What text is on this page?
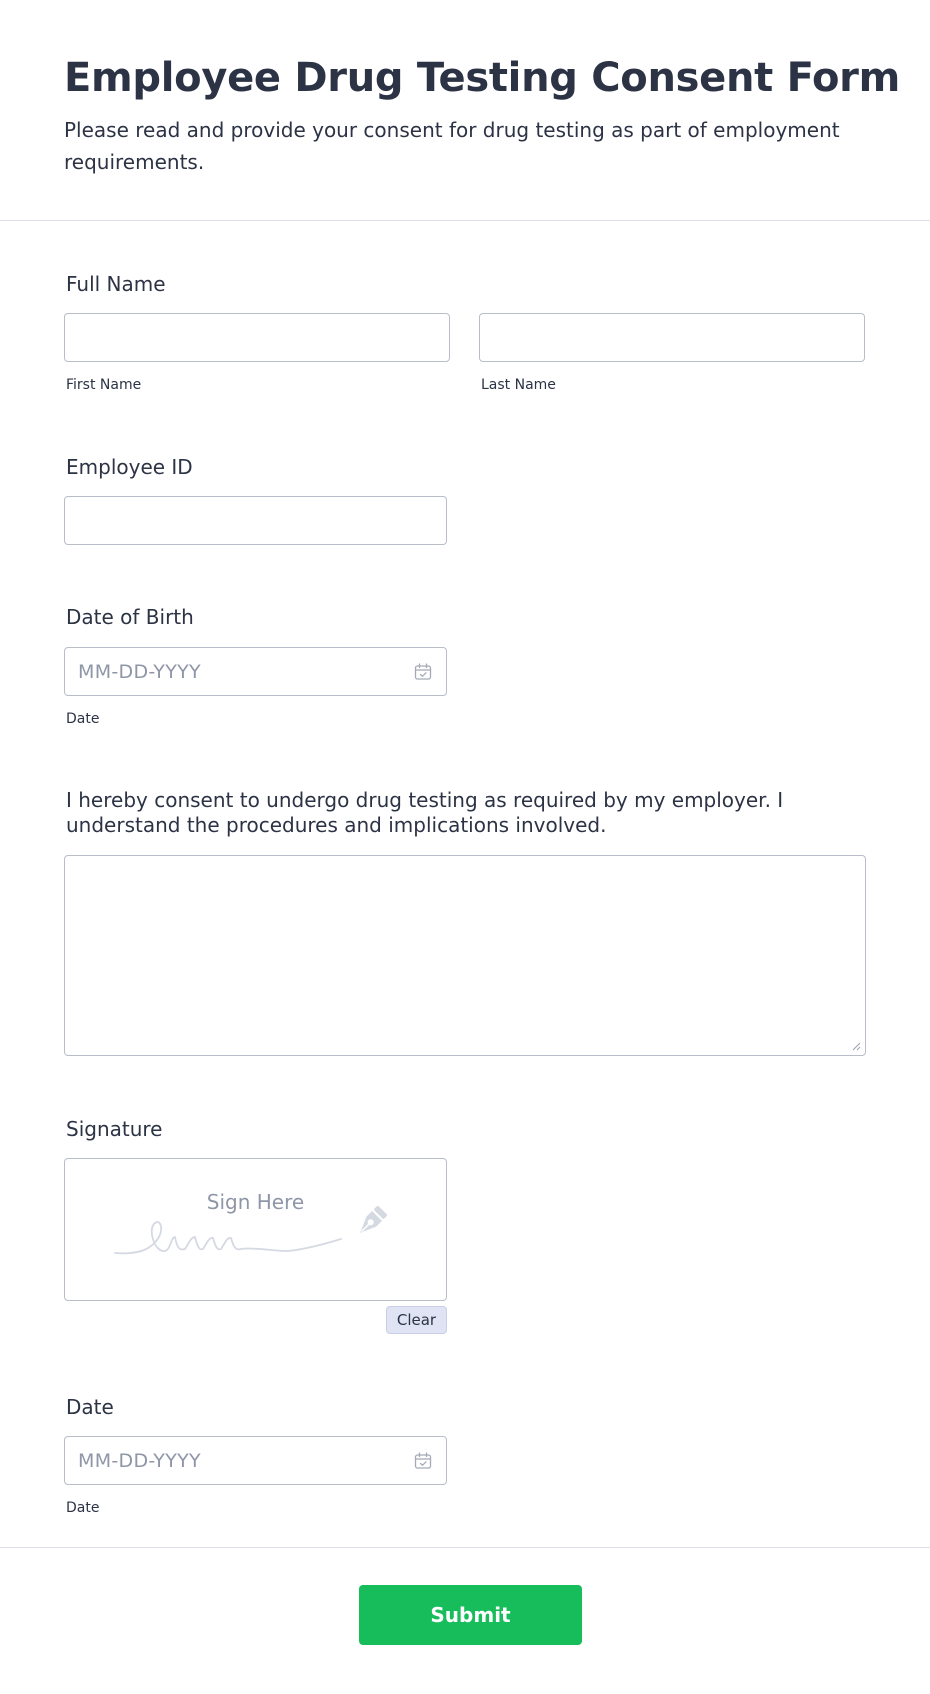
Employee Drug Testing Consent Form

Please read and provide your consent for drug testing as part of employment requirements.

Full Name
First Name	Last Name
Employee ID
Date of Birth
MM-DD-YYYY
Date
I hereby consent to undergo drug testing as required by my employer. I understand the procedures and implications involved.
Signature
Sign Here
Clear
Date
MM-DD-YYYY
Date
Submit
